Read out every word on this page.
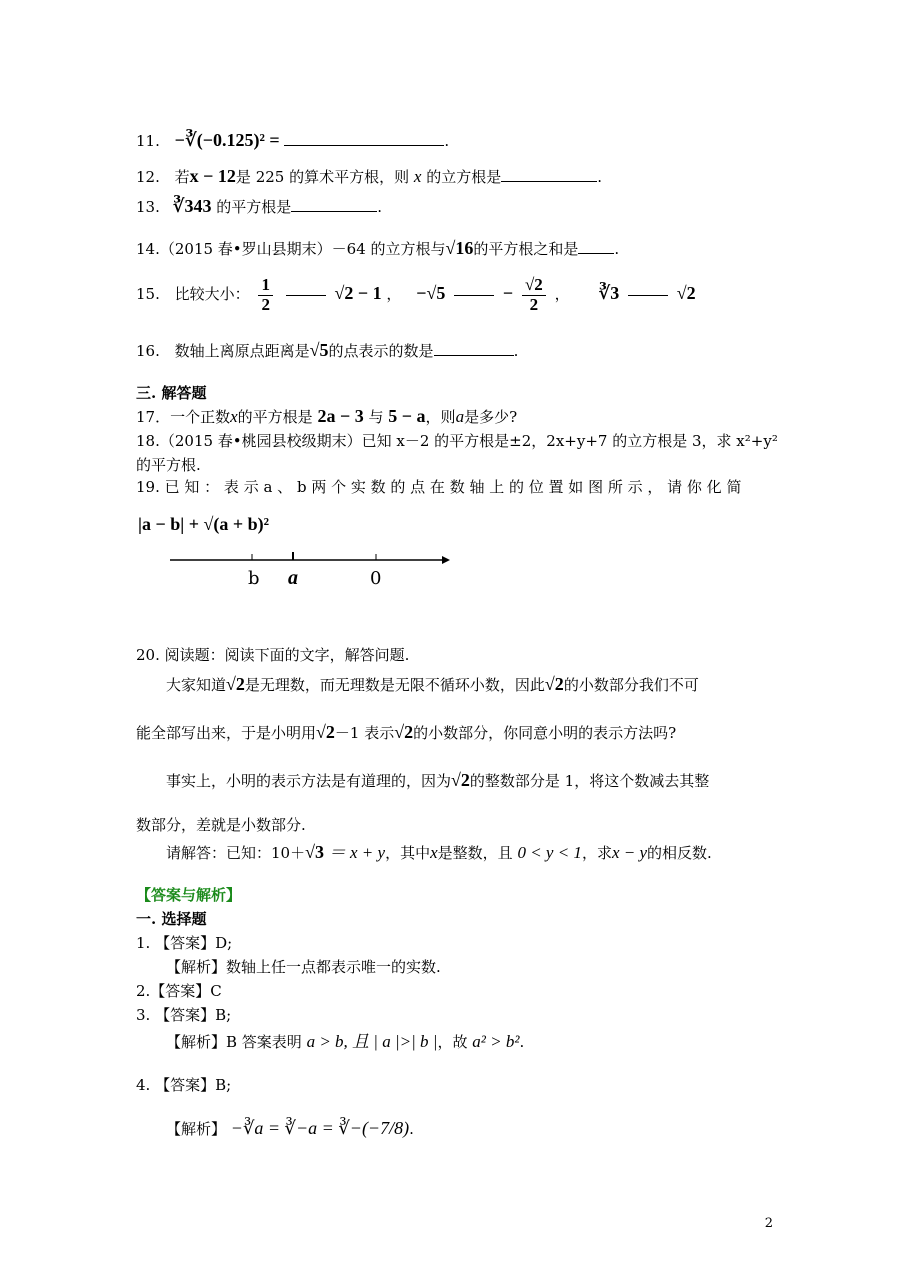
11. −∛(−0.125)² =	.
12. 若x − 12是 225 的算术平方根，则 x 的立方根是	.
13. ∛343 的平方根是	.
14.（2015 春•罗山县期末）－64 的立方根与√16的平方根之和是 .
15. 比较大小： $\frac{1}{2}$	√2 − 1 ， −√5	− $\frac{√2}{2}$ ， ∛3	√2
16. 数轴上离原点距离是√5的点表示的数是	.
三. 解答题
17．一个正数x的平方根是 2a − 3 与 5 − a，则a是多少?
18.（2015 春•桃园县校级期末）已知 x－2 的平方根是±2，2x+y+7 的立方根是 3，求 x²+y²
的平方根.
19. 已 知 ： 表 示 a 、 b 两 个 实 数 的 点 在 数 轴 上 的 位 置 如 图 所 示 ， 请 你 化 简
|a − b| + √(a + b)²
b a	0
20. 阅读题：阅读下面的文字，解答问题.
大家知道√2是无理数，而无理数是无限不循环小数，因此√2的小数部分我们不可
能全部写出来，于是小明用√2－1 表示√2的小数部分，你同意小明的表示方法吗?
事实上，小明的表示方法是有道理的，因为√2的整数部分是 1，将这个数减去其整
数部分，差就是小数部分.
请解答：已知：10＋√3 ＝ x + y，其中x是整数，且 0 < y < 1，求x − y的相反数.
【答案与解析】
一. 选择题
1. 【答案】D;
【解析】数轴上任一点都表示唯一的实数.
2.【答案】C
3. 【答案】B;
【解析】B 答案表明 a > b, 且 | a |>| b |，故 a² > b².
4. 【答案】B;
【解析】 −∛a = ∛−a = ∛−(−7/8).
2
